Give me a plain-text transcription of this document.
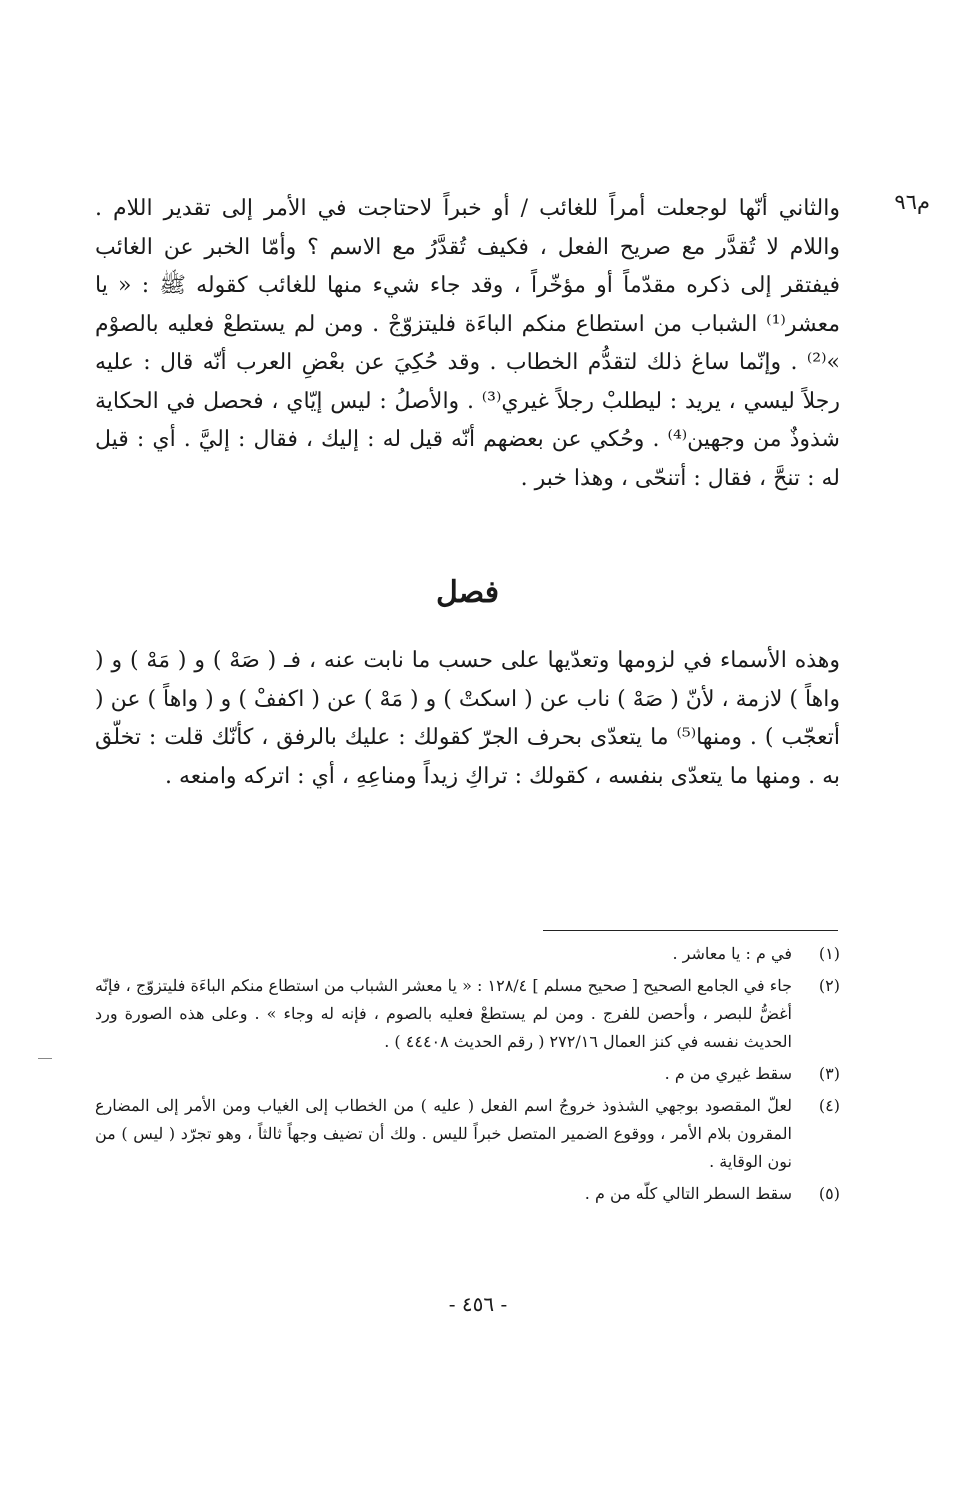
م٩٦

والثاني أنّها لوجعلت أمراً للغائب / أو خبراً لاحتاجت في الأمر إلى تقدير اللام . واللام لا تُقدَّر مع صريح الفعل ، فكيف تُقدَّرُ مع الاسم ؟ وأمّا الخبر عن الغائب فيفتقر إلى ذكره مقدّماً أو مؤخّراً ، وقد جاء شيء منها للغائب كقوله ﷺ : « يا معشر⁽¹⁾ الشباب من استطاع منكم الباءَة فليتزوّجْ . ومن لم يستطعْ فعليه بالصوْم »⁽²⁾ . وإنّما ساغ ذلك لتقدُّم الخطاب . وقد حُكِيَ عن بعْضِ العرب أنّه قال : عليه رجلاً ليسي ، يريد : ليطلبْ رجلاً غيري⁽³⁾ . والأصلُ : ليس إيّاي ، فحصل في الحكاية شذوذٌ من وجهين⁽⁴⁾ . وحُكي عن بعضهم أنّه قيل له : إليك ، فقال : إليَّ . أي : قيل له : تنحَّ ، فقال : أتنحّى ، وهذا خبر .

فصل

وهذه الأسماء في لزومها وتعدّيها على حسب ما نابت عنه ، فـ ( صَهْ ) و ( مَهْ ) و ( واهاً ) لازمة ، لأنّ ( صَهْ ) ناب عن ( اسكتْ ) و ( مَهْ ) عن ( اكففْ ) و ( واهاً ) عن ( أتعجّب ) . ومنها⁽⁵⁾ ما يتعدّى بحرف الجرّ كقولك : عليك بالرفق ، كأنّك قلت : تخلّق به . ومنها ما يتعدّى بنفسه ، كقولك : تراكِ زيداً ومناعِهِ ، أي : اتركه وامنعه .

(١)
في م : يا معاشر .
(٢)
جاء في الجامع الصحيح [ صحيح مسلم ] ١٢٨/٤ : « يا معشر الشباب من استطاع منكم الباءَة فليتزوّج ، فإنّه أغضُّ للبصر ، وأحصن للفرج . ومن لم يستطعْ فعليه بالصوم ، فإنه له وجاء » . وعلى هذه الصورة ورد الحديث نفسه في كنز العمال ٢٧٢/١٦ ( رقم الحديث ٤٤٤٠٨ ) .
(٣)
سقط غيري من م .
(٤)
لعلّ المقصود بوجهي الشذوذ خروجُ اسم الفعل ( عليه ) من الخطاب إلى الغياب ومن الأمر إلى المضارع المقرون بلام الأمر ، ووقوع الضمير المتصل خبراً لليس . ولك أن تضيف وجهاً ثالثاً ، وهو تجرّد ( ليس ) من نون الوقاية .
(٥)
سقط السطر التالي كلّه من م .
- ٤٥٦ -
